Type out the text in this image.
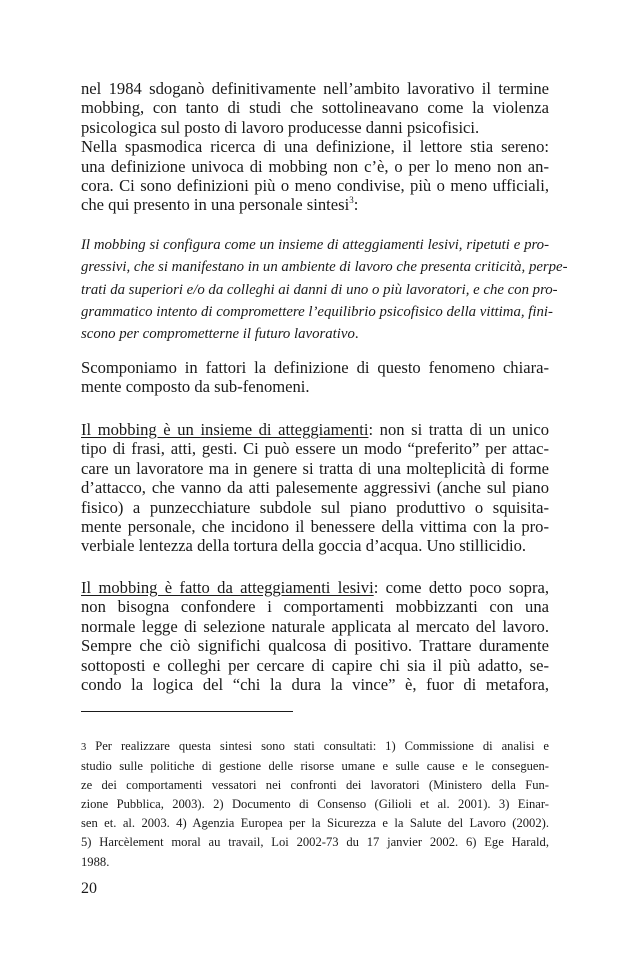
nel 1984 sdoganò definitivamente nell’ambito lavorativo il termine
mobbing, con tanto di studi che sottolineavano come la violenza
psicologica sul posto di lavoro producesse danni psicofisici.
Nella spasmodica ricerca di una definizione, il lettore stia sereno:
una definizione univoca di mobbing non c’è, o per lo meno non an-
cora. Ci sono definizioni più o meno condivise, più o meno ufficiali,
che qui presento in una personale sintesi$^3$:
Il mobbing si configura come un insieme di atteggiamenti lesivi, ripetuti e pro-
gressivi, che si manifestano in un ambiente di lavoro che presenta criticità, perpe-
trati da superiori e/o da colleghi ai danni di uno o più lavoratori, e che con pro-
grammatico intento di compromettere l’equilibrio psicofisico della vittima, fini-
scono per comprometterne il futuro lavorativo.
Scomponiamo in fattori la definizione di questo fenomeno chiara-
mente composto da sub-fenomeni.
Il mobbing è un insieme di atteggiamenti: non si tratta di un unico
tipo di frasi, atti, gesti. Ci può essere un modo “preferito” per attac-
care un lavoratore ma in genere si tratta di una molteplicità di forme
d’attacco, che vanno da atti palesemente aggressivi (anche sul piano
fisico) a punzecchiature subdole sul piano produttivo o squisita-
mente personale, che incidono il benessere della vittima con la pro-
verbiale lentezza della tortura della goccia d’acqua. Uno stillicidio.
Il mobbing è fatto da atteggiamenti lesivi: come detto poco sopra,
non bisogna confondere i comportamenti mobbizzanti con una
normale legge di selezione naturale applicata al mercato del lavoro.
Sempre che ciò significhi qualcosa di positivo. Trattare duramente
sottoposti e colleghi per cercare di capire chi sia il più adatto, se-
condo la logica del “chi la dura la vince” è, fuor di metafora,
3 Per realizzare questa sintesi sono stati consultati: 1) Commissione di analisi e
studio sulle politiche di gestione delle risorse umane e sulle cause e le conseguen-
ze dei comportamenti vessatori nei confronti dei lavoratori (Ministero della Fun-
zione Pubblica, 2003). 2) Documento di Consenso (Gilioli et al. 2001). 3) Einar-
sen et. al. 2003. 4) Agenzia Europea per la Sicurezza e la Salute del Lavoro (2002).
5) Harcèlement moral au travail, Loi 2002-73 du 17 janvier 2002. 6) Ege Harald,
1988.
20
